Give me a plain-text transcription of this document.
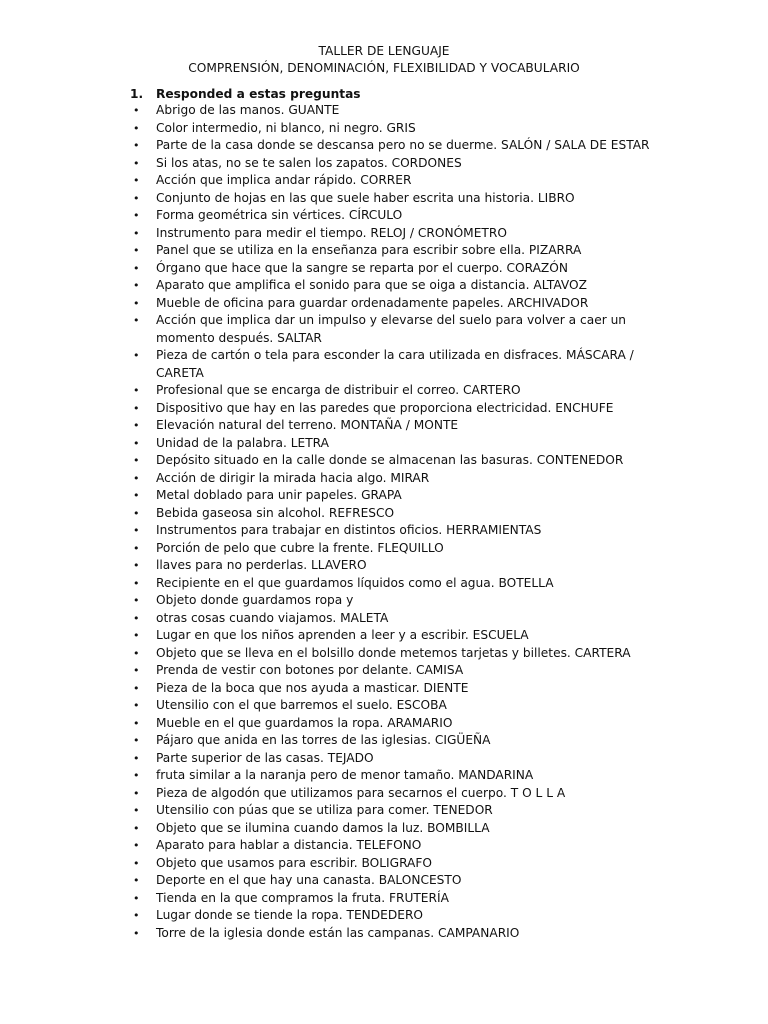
TALLER DE LENGUAJE
COMPRENSIÓN, DENOMINACIÓN, FLEXIBILIDAD Y VOCABULARIO
1. Responded a estas preguntas
• Abrigo de las manos. GUANTE
• Color intermedio, ni blanco, ni negro. GRIS
• Parte de la casa donde se descansa pero no se duerme. SALÓN / SALA DE ESTAR
• Si los atas, no se te salen los zapatos. CORDONES
• Acción que implica andar rápido. CORRER
• Conjunto de hojas en las que suele haber escrita una historia. LIBRO
• Forma geométrica sin vértices. CÍRCULO
• Instrumento para medir el tiempo. RELOJ / CRONÓMETRO
• Panel que se utiliza en la enseñanza para escribir sobre ella. PIZARRA
• Órgano que hace que la sangre se reparta por el cuerpo. CORAZÓN
• Aparato que amplifica el sonido para que se oiga a distancia. ALTAVOZ
• Mueble de oficina para guardar ordenadamente papeles. ARCHIVADOR
• Acción que implica dar un impulso y elevarse del suelo para volver a caer un momento después. SALTAR
• Pieza de cartón o tela para esconder la cara utilizada en disfraces. MÁSCARA / CARETA
• Profesional que se encarga de distribuir el correo. CARTERO
• Dispositivo que hay en las paredes que proporciona electricidad. ENCHUFE
• Elevación natural del terreno. MONTAÑA / MONTE
• Unidad de la palabra. LETRA
• Depósito situado en la calle donde se almacenan las basuras. CONTENEDOR
• Acción de dirigir la mirada hacia algo. MIRAR
• Metal doblado para unir papeles. GRAPA
• Bebida gaseosa sin alcohol. REFRESCO
• Instrumentos para trabajar en distintos oficios. HERRAMIENTAS
• Porción de pelo que cubre la frente. FLEQUILLO
• llaves para no perderlas. LLAVERO
• Recipiente en el que guardamos líquidos como el agua. BOTELLA
• Objeto donde guardamos ropa y
• otras cosas cuando viajamos. MALETA
• Lugar en que los niños aprenden a leer y a escribir. ESCUELA
• Objeto que se lleva en el bolsillo donde metemos tarjetas y billetes. CARTERA
• Prenda de vestir con botones por delante. CAMISA
• Pieza de la boca que nos ayuda a masticar. DIENTE
• Utensilio con el que barremos el suelo. ESCOBA
• Mueble en el que guardamos la ropa. ARAMARIO
• Pájaro que anida en las torres de las iglesias. CIGÜEÑA
• Parte superior de las casas. TEJADO
• fruta similar a la naranja pero de menor tamaño. MANDARINA
• Pieza de algodón que utilizamos para secarnos el cuerpo. T O L L A
• Utensilio con púas que se utiliza para comer. TENEDOR
• Objeto que se ilumina cuando damos la luz. BOMBILLA
• Aparato para hablar a distancia. TELEFONO
• Objeto que usamos para escribir. BOLIGRAFO
• Deporte en el que hay una canasta. BALONCESTO
• Tienda en la que compramos la fruta. FRUTERÍA
• Lugar donde se tiende la ropa. TENDEDERO
• Torre de la iglesia donde están las campanas. CAMPANARIO
